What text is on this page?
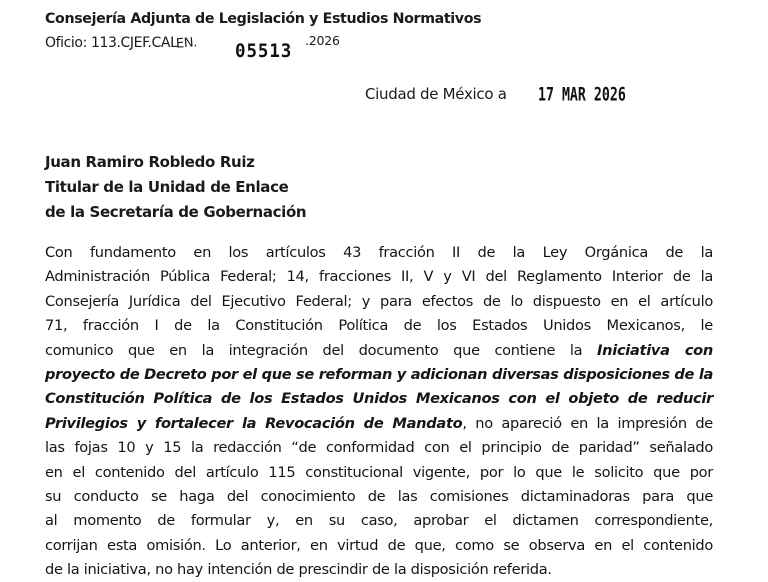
Consejería Adjunta de Legislación y Estudios Normativos
Oficio: 113.CJEF.CALEN. 05513 .2026
Ciudad de México a 17 MAR 2026
Juan Ramiro Robledo Ruiz
Titular de la Unidad de Enlace
de la Secretaría de Gobernación
Con fundamento en los artículos 43 fracción II de la Ley Orgánica de la
Administración Pública Federal; 14, fracciones II, V y VI del Reglamento Interior de la
Consejería Jurídica del Ejecutivo Federal; y para efectos de lo dispuesto en el artículo
71, fracción I de la Constitución Política de los Estados Unidos Mexicanos, le
comunico que en la integración del documento que contiene la Iniciativa con
proyecto de Decreto por el que se reforman y adicionan diversas disposiciones de la
Constitución Política de los Estados Unidos Mexicanos con el objeto de reducir
Privilegios y fortalecer la Revocación de Mandato, no apareció en la impresión de
las fojas 10 y 15 la redacción “de conformidad con el principio de paridad” señalado
en el contenido del artículo 115 constitucional vigente, por lo que le solicito que por
su conducto se haga del conocimiento de las comisiones dictaminadoras para que
al momento de formular y, en su caso, aprobar el dictamen correspondiente,
corrijan esta omisión. Lo anterior, en virtud de que, como se observa en el contenido
de la iniciativa, no hay intención de prescindir de la disposición referida.
